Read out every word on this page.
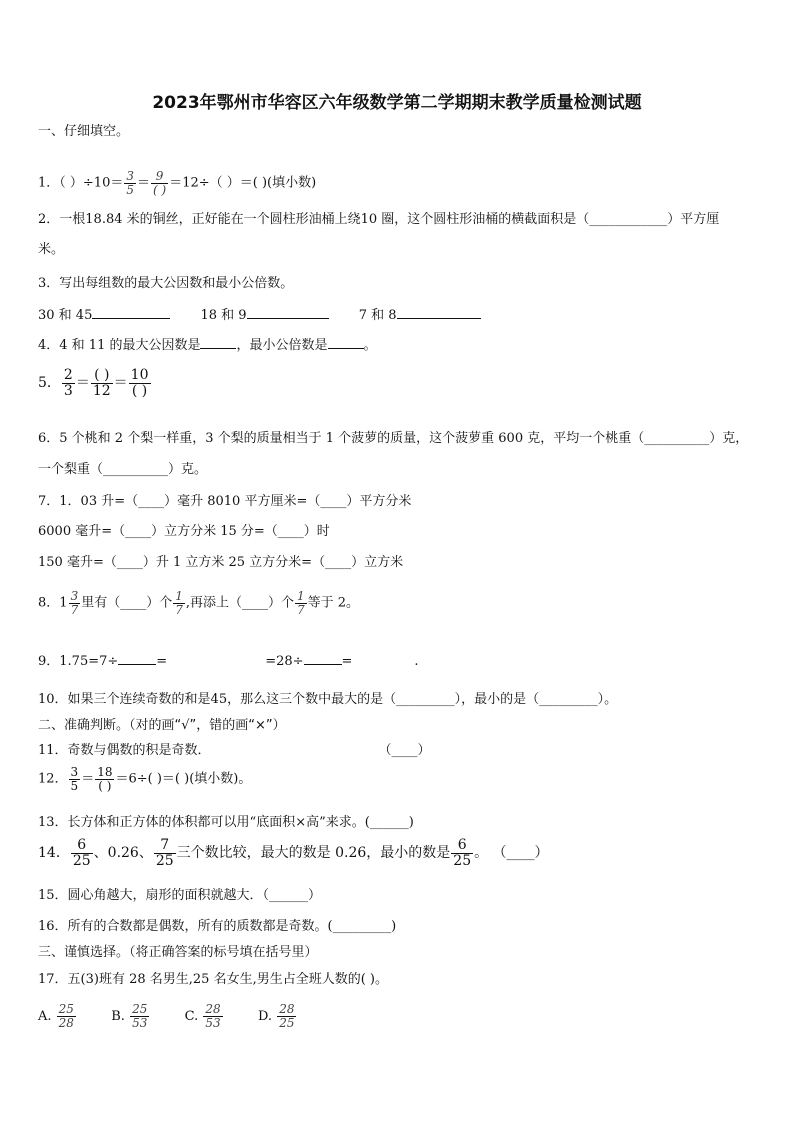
2023年鄂州市华容区六年级数学第二学期期末教学质量检测试题
一、仔细填空。
1．（ ）$\div 10= \frac{3}{5} = \frac{9}{( )} =12\div$（ ）＝( )(填小数)
2．一根18.84 米的铜丝，正好能在一个圆柱形油桶上绕10 圈，这个圆柱形油桶的横截面积是（____________）平方厘
米。
3．写出每组数的最大公因数和最小公倍数。
30 和 45	18 和 9	7 和 8
4．4 和 11 的最大公因数是	，最小公倍数是	。
5． $\frac{2}{3} = \frac{( )}{12} = \frac{10}{( )}$
6．5 个桃和 2 个梨一样重，3 个梨的质量相当于 1 个菠萝的质量，这个菠萝重 600 克，平均一个桃重（__________）克，
一个梨重（__________）克。
7．1．03 升=（____）毫升 8010 平方厘米=（____）平方分米
6000 毫升=（____）立方分米 15 分=（____）时
150 毫升=（____）升 1 立方米 25 立方分米=（____）立方米
8．$1 \frac{3}{7}$ 里有（____）个 $\frac{1}{7}$ ,再添上（____）个 $\frac{1}{7}$ 等于 2。
9．1.75=7÷	=	=28÷	=	.
10．如果三个连续奇数的和是45，那么这三个数中最大的是（_________），最小的是（_________）。
二、准确判断。（对的画“√”，错的画“×”）
11．奇数与偶数的积是奇数．	（____）
12． $\frac{3}{5} = \frac{18}{( )} =6\div$( )＝( )(填小数)。
13．长方体和正方体的体积都可以用“底面积×高”来求。(______)
14． $\frac{6}{25}$ 、0.26、 $\frac{7}{25}$ 三个数比较，最大的数是 0.26，最小的数是 $\frac{6}{25}$ 。 （____）
15．圆心角越大，扇形的面积就越大．（______）
16．所有的合数都是偶数，所有的质数都是奇数。(_________)
三、谨慎选择。（将正确答案的标号填在括号里）
17．五(3)班有 28 名男生,25 名女生,男生占全班人数的( )。
A. $\frac{25}{28}$	B. $\frac{25}{53}$	C. $\frac{28}{53}$	D. $\frac{28}{25}$
